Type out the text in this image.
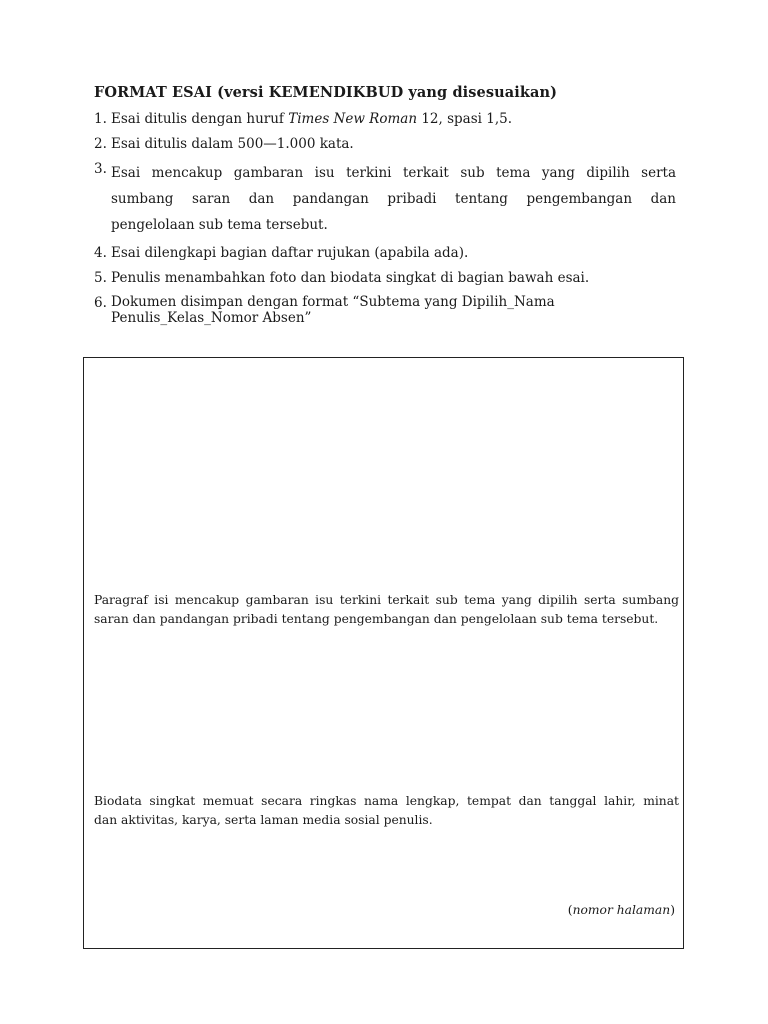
FORMAT ESAI (versi KEMENDIKBUD yang disesuaikan)
1. Esai ditulis dengan huruf Times New Roman 12, spasi 1,5.
2. Esai ditulis dalam 500—1.000 kata.
3. Esai mencakup gambaran isu terkini terkait sub tema yang dipilih serta
sumbang saran dan pandangan pribadi tentang pengembangan dan
pengelolaan sub tema tersebut.
4. Esai dilengkapi bagian daftar rujukan (apabila ada).
5. Penulis menambahkan foto dan biodata singkat di bagian bawah esai.
6. Dokumen disimpan dengan format “Subtema yang Dipilih_Nama
Penulis_Kelas_Nomor Absen”
Paragraf isi mencakup gambaran isu terkini terkait sub tema yang dipilih serta sumbang
saran dan pandangan pribadi tentang pengembangan dan pengelolaan sub tema tersebut.
Biodata singkat memuat secara ringkas nama lengkap, tempat dan tanggal lahir, minat
dan aktivitas, karya, serta laman media sosial penulis.
(nomor halaman)
